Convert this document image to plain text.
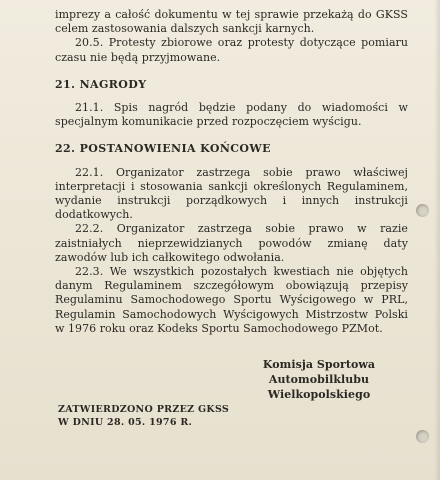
imprezy a całość dokumentu w tej sprawie przekażą do GKSS celem zastosowania dalszych sankcji karnych.

20.5. Protesty zbiorowe oraz protesty dotyczące pomiaru czasu nie będą przyjmowane.

21. NAGRODY

21.1. Spis nagród będzie podany do wiadomości w specjalnym komunikacie przed rozpoczęciem wyścigu.

22. POSTANOWIENIA KOŃCOWE

22.1. Organizator zastrzega sobie prawo właściwej interpretacji i stosowania sankcji określonych Regulaminem, wydanie instrukcji porządkowych i innych instrukcji dodatkowych.

22.2. Organizator zastrzega sobie prawo w razie zaistniałych nieprzewidzianych powodów zmianę daty zawodów lub ich całkowitego odwołania.

22.3. We wszystkich pozostałych kwestiach nie objętych danym Regulaminem szczegółowym obowiązują przepisy Regulaminu Samochodowego Sportu Wyścigowego w PRL, Regulamin Samochodowych Wyścigowych Mistrzostw Polski w 1976 roku oraz Kodeks Sportu Samochodowego PZMot.

Komisja Sportowa
Automobilklubu Wielkopolskiego
ZATWIERDZONO PRZEZ GKSS
W DNIU 28. 05. 1976 R.
